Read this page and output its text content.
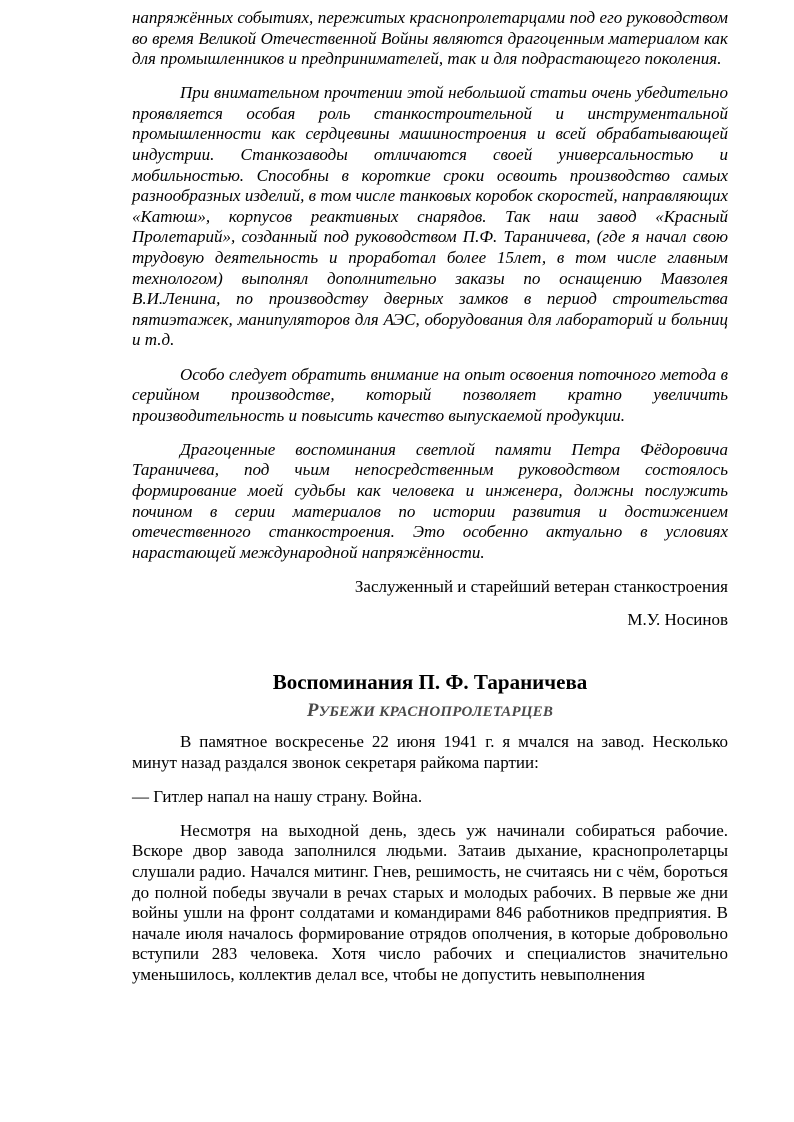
напряжённых событиях, пережитых краснопролетарцами под его руководством во время Великой Отечественной Войны являются драгоценным материалом как для промышленников и предпринимателей, так и для подрастающего поколения.

При внимательном прочтении этой небольшой статьи очень убедительно проявляется особая роль станкостроительной и инструментальной промышленности как сердцевины машиностроения и всей обрабатывающей индустрии. Станкозаводы отличаются своей универсальностью и мобильностью. Способны в короткие сроки освоить производство самых разнообразных изделий, в том числе танковых коробок скоростей, направляющих «Катюш», корпусов реактивных снарядов. Так наш завод «Красный Пролетарий», созданный под руководством П.Ф. Тараничева, (где я начал свою трудовую деятельность и проработал более 15лет, в том числе главным технологом) выполнял дополнительно заказы по оснащению Мавзолея В.И.Ленина, по производству дверных замков в период строительства пятиэтажек, манипуляторов для АЭС, оборудования для лабораторий и больниц и т.д.

Особо следует обратить внимание на опыт освоения поточного метода в серийном производстве, который позволяет кратно увеличить производительность и повысить качество выпускаемой продукции.

Драгоценные воспоминания светлой памяти Петра Фёдоровича Тараничева, под чьим непосредственным руководством состоялось формирование моей судьбы как человека и инженера, должны послужить почином в серии материалов по истории развития и достижением отечественного станкостроения. Это особенно актуально в условиях нарастающей международной напряжённости.

Заслуженный и старейший ветеран станкостроения
М.У. Носинов
Воспоминания П. Ф. Тараничева
РУБЕЖИ КРАСНОПРОЛЕТАРЦЕВ

В памятное воскресенье 22 июня 1941 г. я мчался на завод. Несколько минут назад раздался звонок секретаря райкома партии:

— Гитлер напал на нашу страну. Война.

Несмотря на выходной день, здесь уж начинали собираться рабочие. Вскоре двор завода заполнился людьми. Затаив дыхание, краснопролетарцы слушали радио. Начался митинг. Гнев, решимость, не считаясь ни с чём, бороться до полной победы звучали в речах старых и молодых рабочих. В первые же дни войны ушли на фронт солдатами и командирами 846 работников предприятия. В начале июля началось формирование отрядов ополчения, в которые добровольно вступили 283 человека. Хотя число рабочих и специалистов значительно уменьшилось, коллектив делал все, чтобы не допустить невыполнения
